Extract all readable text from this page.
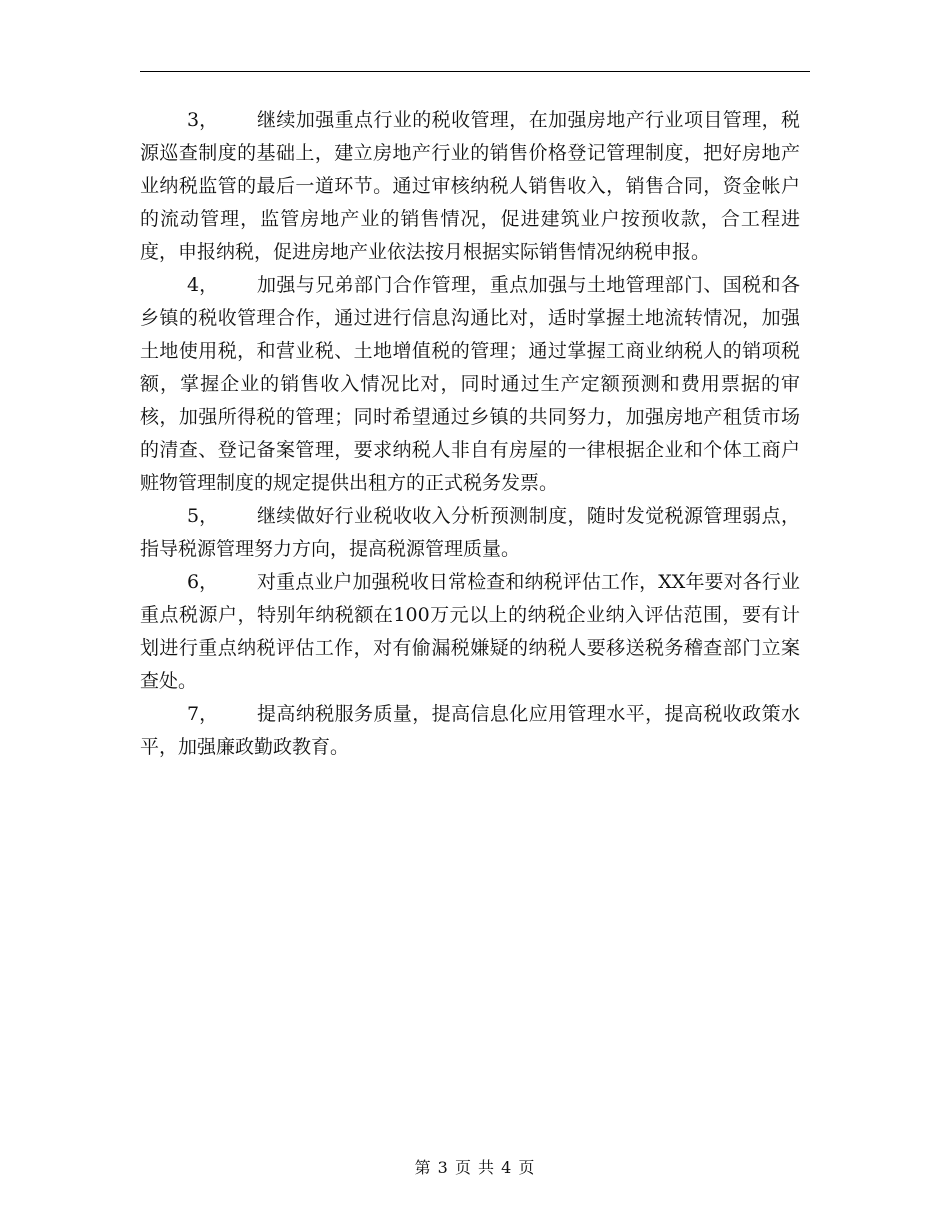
3，	继续加强重点行业的税收管理，在加强房地产行业项目管理，税源巡查制度的基础上，建立房地产行业的销售价格登记管理制度，把好房地产业纳税监管的最后一道环节。通过审核纳税人销售收入，销售合同，资金帐户的流动管理，监管房地产业的销售情况，促进建筑业户按预收款，合工程进度，申报纳税，促进房地产业依法按月根据实际销售情况纳税申报。

4，	加强与兄弟部门合作管理，重点加强与土地管理部门、国税和各乡镇的税收管理合作，通过进行信息沟通比对，适时掌握土地流转情况，加强土地使用税，和营业税、土地增值税的管理；通过掌握工商业纳税人的销项税额，掌握企业的销售收入情况比对，同时通过生产定额预测和费用票据的审核，加强所得税的管理；同时希望通过乡镇的共同努力，加强房地产租赁市场的清查、登记备案管理，要求纳税人非自有房屋的一律根据企业和个体工商户赃物管理制度的规定提供出租方的正式税务发票。

5，	继续做好行业税收收入分析预测制度，随时发觉税源管理弱点，指导税源管理努力方向，提高税源管理质量。

6，	对重点业户加强税收日常检查和纳税评估工作，XX年要对各行业重点税源户，特别年纳税额在100万元以上的纳税企业纳入评估范围，要有计划进行重点纳税评估工作，对有偷漏税嫌疑的纳税人要移送税务稽查部门立案查处。

7，	提高纳税服务质量，提高信息化应用管理水平，提高税收政策水平，加强廉政勤政教育。

第 3 页 共 4 页
